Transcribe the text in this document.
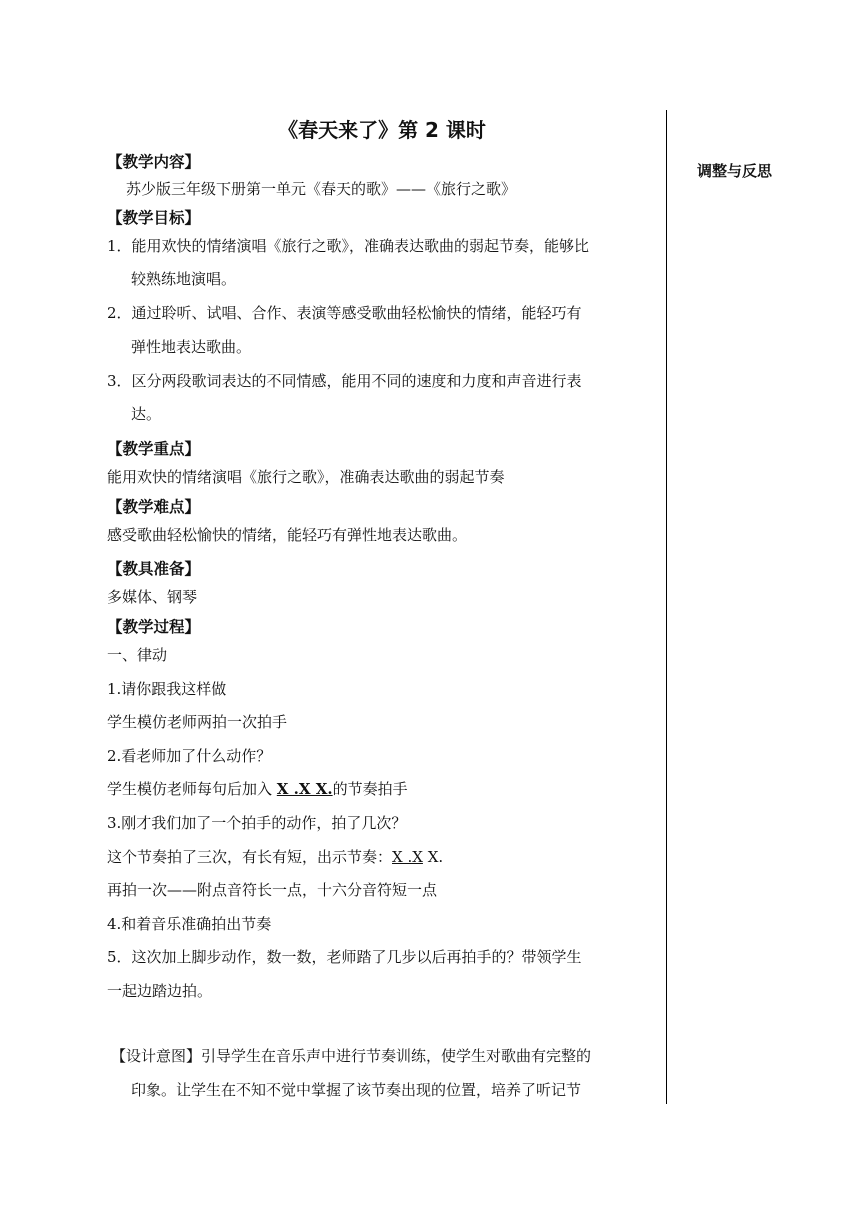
调整与反思
《春天来了》第 2 课时
【教学内容】
苏少版三年级下册第一单元《春天的歌》——《旅行之歌》
【教学目标】
1．能用欢快的情绪演唱《旅行之歌》，准确表达歌曲的弱起节奏，能够比
较熟练地演唱。
2．通过聆听、试唱、合作、表演等感受歌曲轻松愉快的情绪，能轻巧有
弹性地表达歌曲。
3．区分两段歌词表达的不同情感，能用不同的速度和力度和声音进行表
达。
【教学重点】
能用欢快的情绪演唱《旅行之歌》，准确表达歌曲的弱起节奏
【教学难点】
感受歌曲轻松愉快的情绪，能轻巧有弹性地表达歌曲。
【教具准备】
多媒体、钢琴
【教学过程】
一、律动
1.请你跟我这样做
学生模仿老师两拍一次拍手
2.看老师加了什么动作？
学生模仿老师每句后加入 X .X X.的节奏拍手
3.刚才我们加了一个拍手的动作，拍了几次？
这个节奏拍了三次，有长有短，出示节奏：X .X X.
再拍一次——附点音符长一点，十六分音符短一点
4.和着音乐准确拍出节奏
5．这次加上脚步动作，数一数，老师踏了几步以后再拍手的？带领学生
一起边踏边拍。
【设计意图】引导学生在音乐声中进行节奏训练，使学生对歌曲有完整的
印象。让学生在不知不觉中掌握了该节奏出现的位置，培养了听记节
